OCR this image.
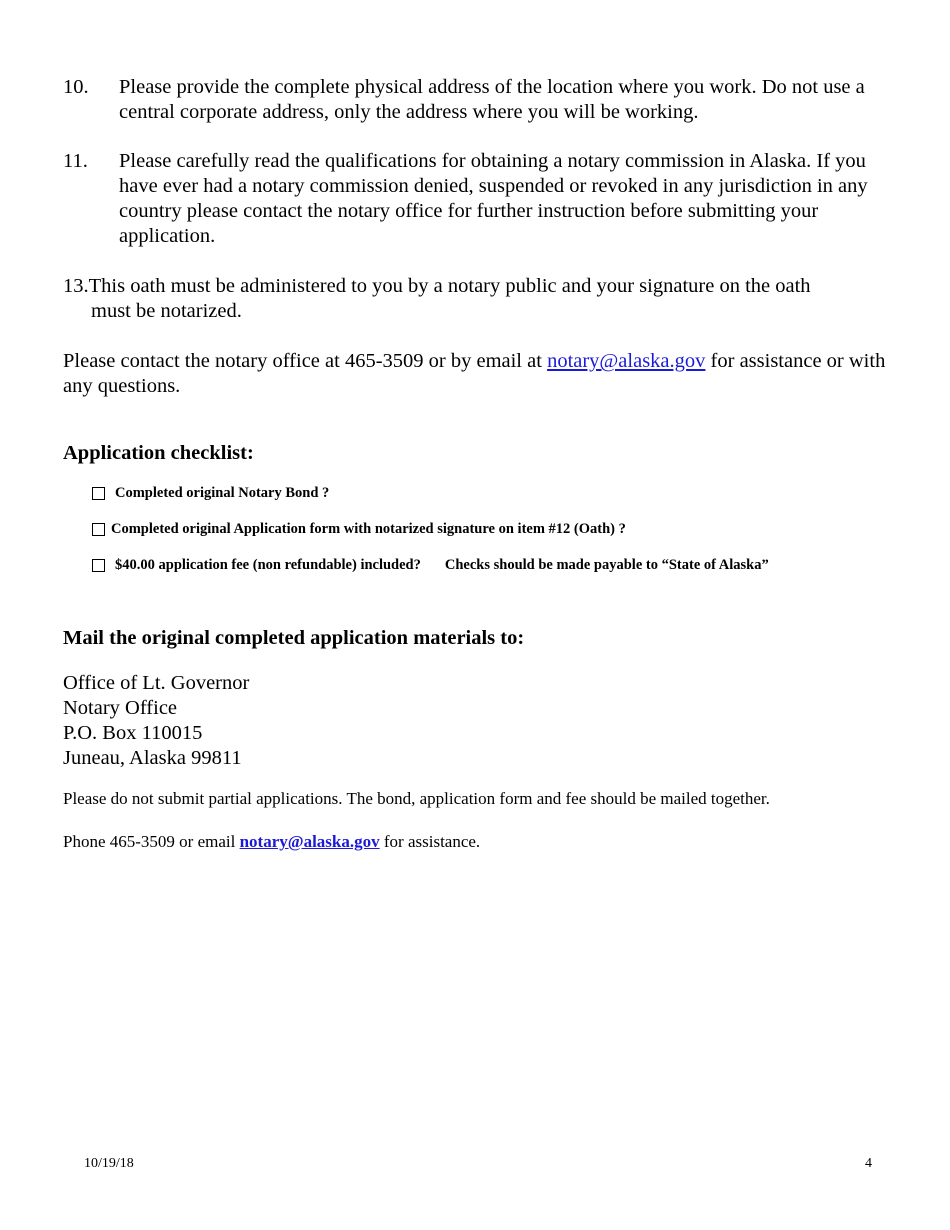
10. Please provide the complete physical address of the location where you work. Do not use a central corporate address, only the address where you will be working.
11. Please carefully read the qualifications for obtaining a notary commission in Alaska. If you have ever had a notary commission denied, suspended or revoked in any jurisdiction in any country please contact the notary office for further instruction before submitting your application.
13.This oath must be administered to you by a notary public and your signature on the oath
must be notarized.
Please contact the notary office at 465-3509 or by email at notary@alaska.gov for assistance or with any questions.
Application checklist:
Completed original Notary Bond ?
Completed original Application form with notarized signature on item #12 (Oath) ?
$40.00 application fee (non refundable) included? Checks should be made payable to “State of Alaska”
Mail the original completed application materials to:
Office of Lt. Governor
Notary Office
P.O. Box 110015
Juneau, Alaska 99811
Please do not submit partial applications. The bond, application form and fee should be mailed together.
Phone 465-3509 or email notary@alaska.gov for assistance.
10/19/18	4
